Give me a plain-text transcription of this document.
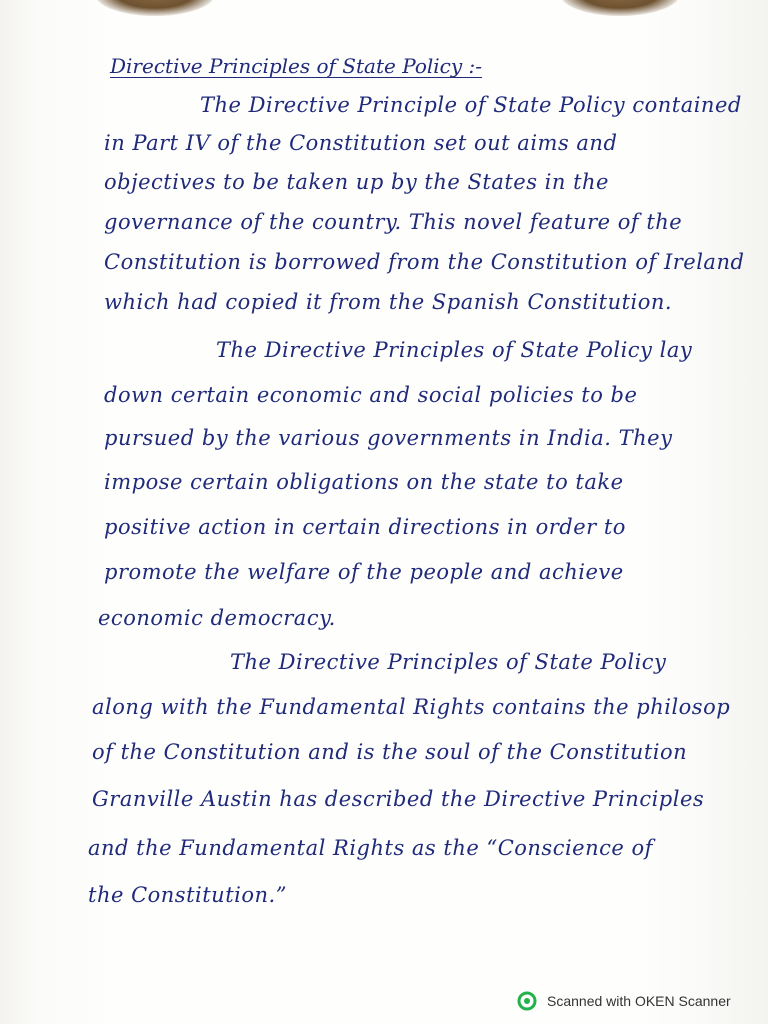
Directive Principles of State Policy :-
The Directive Principle of State Policy contained
in Part IV of the Constitution set out aims and
objectives to be taken up by the States in the
governance of the country. This novel feature of the
Constitution is borrowed from the Constitution of Ireland
which had copied it from the Spanish Constitution.
The Directive Principles of State Policy lay
down certain economic and social policies to be
pursued by the various governments in India. They
impose certain obligations on the state to take
positive action in certain directions in order to
promote the welfare of the people and achieve
economic democracy.
The Directive Principles of State Policy
along with the Fundamental Rights contains the philosop
of the Constitution and is the soul of the Constitution
Granville Austin has described the Directive Principles
and the Fundamental Rights as the “Conscience of
the Constitution.”
Scanned with OKEN Scanner
